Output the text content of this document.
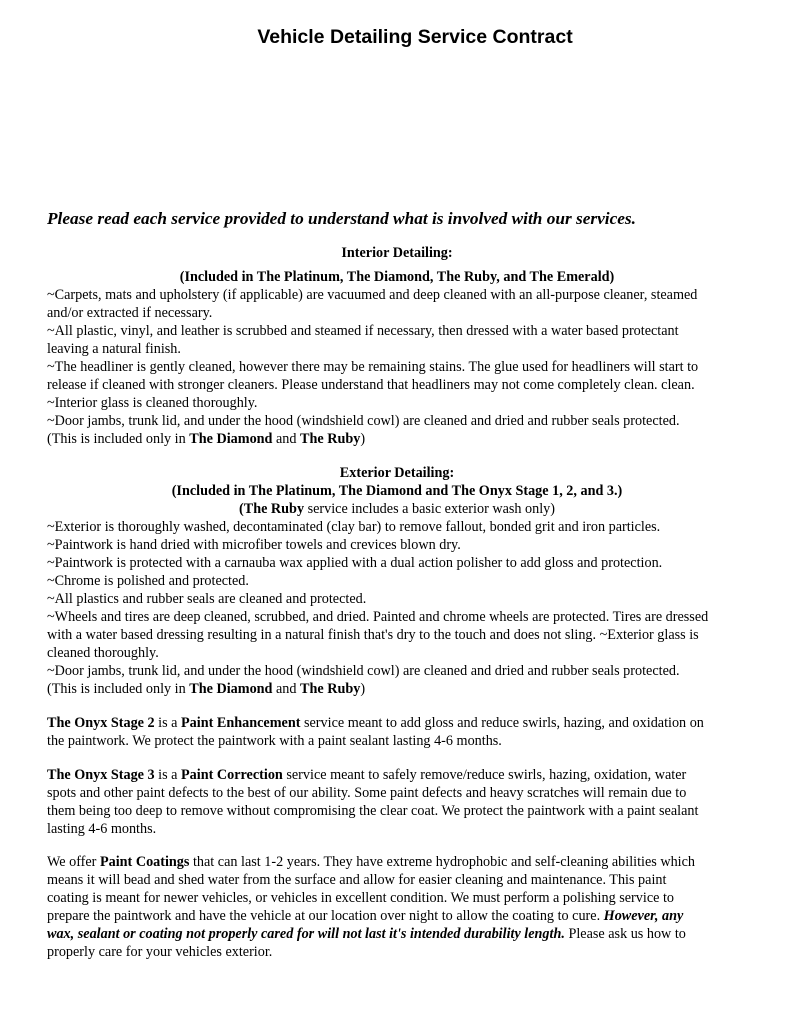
Vehicle Detailing Service Contract

Please read each service provided to understand what is involved with our services.

Interior Detailing:
(Included in The Platinum, The Diamond, The Ruby, and The Emerald)
~Carpets, mats and upholstery (if applicable) are vacuumed and deep cleaned with an all-purpose cleaner, steamed
and/or extracted if necessary.
~All plastic, vinyl, and leather is scrubbed and steamed if necessary, then dressed with a water based protectant
leaving a natural finish.
~The headliner is gently cleaned, however there may be remaining stains. The glue used for headliners will start to
release if cleaned with stronger cleaners. Please understand that headliners may not come completely clean. clean.
~Interior glass is cleaned thoroughly.
~Door jambs, trunk lid, and under the hood (windshield cowl) are cleaned and dried and rubber seals protected.
(This is included only in The Diamond and The Ruby)
Exterior Detailing:
(Included in The Platinum, The Diamond and The Onyx Stage 1, 2, and 3.)
(The Ruby service includes a basic exterior wash only)
~Exterior is thoroughly washed, decontaminated (clay bar) to remove fallout, bonded grit and iron particles.
~Paintwork is hand dried with microfiber towels and crevices blown dry.
~Paintwork is protected with a carnauba wax applied with a dual action polisher to add gloss and protection.
~Chrome is polished and protected.
~All plastics and rubber seals are cleaned and protected.
~Wheels and tires are deep cleaned, scrubbed, and dried. Painted and chrome wheels are protected. Tires are dressed
with a water based dressing resulting in a natural finish that's dry to the touch and does not sling. ~Exterior glass is
cleaned thoroughly.
~Door jambs, trunk lid, and under the hood (windshield cowl) are cleaned and dried and rubber seals protected.
(This is included only in The Diamond and The Ruby)
The Onyx Stage 2 is a Paint Enhancement service meant to add gloss and reduce swirls, hazing, and oxidation on
the paintwork. We protect the paintwork with a paint sealant lasting 4-6 months.
The Onyx Stage 3 is a Paint Correction service meant to safely remove/reduce swirls, hazing, oxidation, water
spots and other paint defects to the best of our ability. Some paint defects and heavy scratches will remain due to
them being too deep to remove without compromising the clear coat. We protect the paintwork with a paint sealant
lasting 4-6 months.
We offer Paint Coatings that can last 1-2 years. They have extreme hydrophobic and self-cleaning abilities which
means it will bead and shed water from the surface and allow for easier cleaning and maintenance. This paint
coating is meant for newer vehicles, or vehicles in excellent condition. We must perform a polishing service to
prepare the paintwork and have the vehicle at our location over night to allow the coating to cure. However, any
wax, sealant or coating not properly cared for will not last it's intended durability length. Please ask us how to
properly care for your vehicles exterior.
